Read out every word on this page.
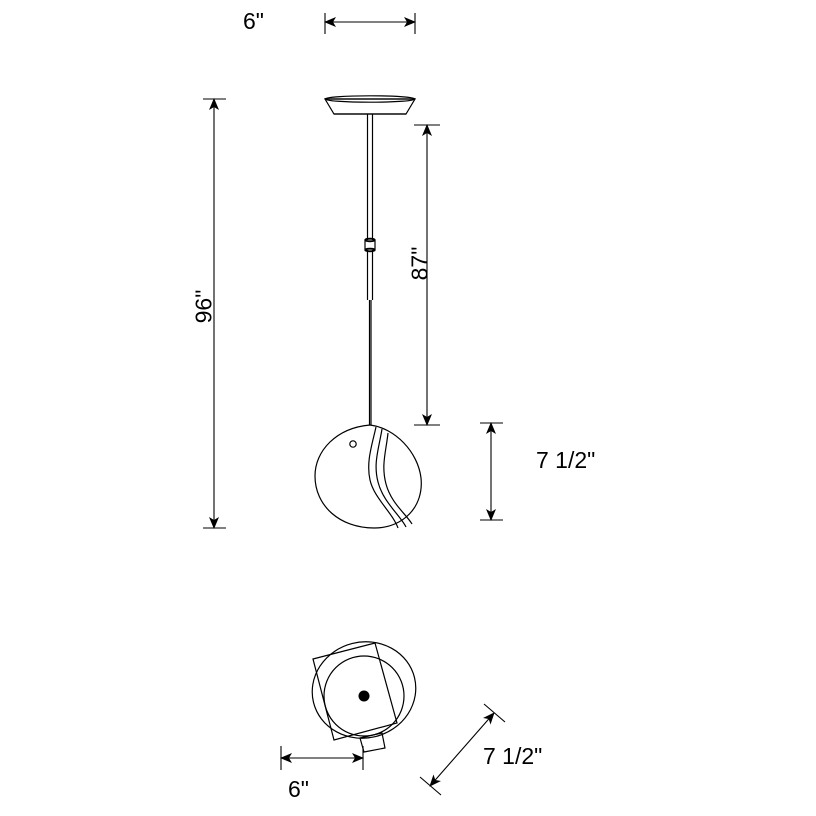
6"
96"
87"
7 1/2"
6"
7 1/2"
